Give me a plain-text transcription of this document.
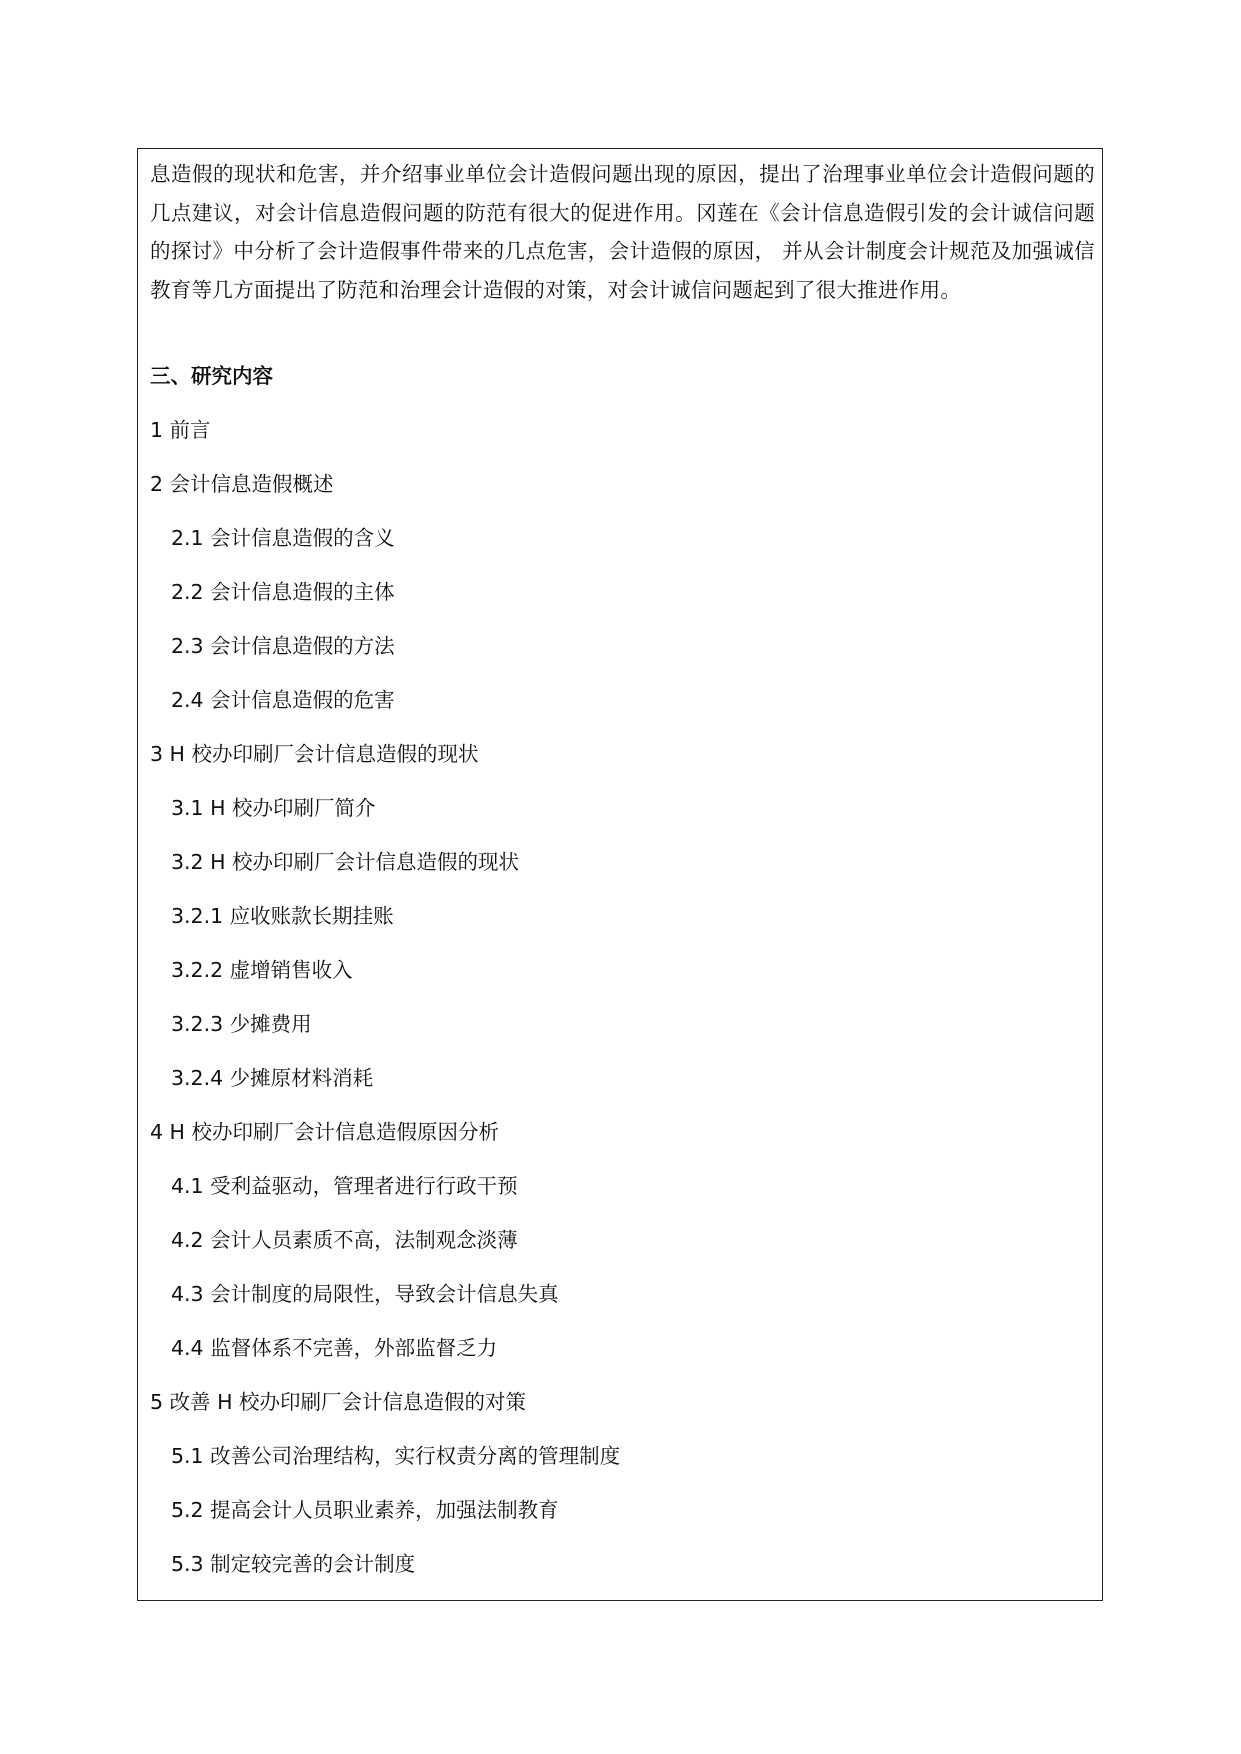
息造假的现状和危害，并介绍事业单位会计造假问题出现的原因，提出了治理事业单位会计造假问题的几点建议，对会计信息造假问题的防范有很大的促进作用。冈莲在《会计信息造假引发的会计诚信问题的探讨》中分析了会计造假事件带来的几点危害，会计造假的原因， 并从会计制度会计规范及加强诚信教育等几方面提出了防范和治理会计造假的对策，对会计诚信问题起到了很大推进作用。

三、研究内容
1 前言
2 会计信息造假概述
2.1 会计信息造假的含义
2.2 会计信息造假的主体
2.3 会计信息造假的方法
2.4 会计信息造假的危害
3 H 校办印刷厂会计信息造假的现状
3.1 H 校办印刷厂简介
3.2 H 校办印刷厂会计信息造假的现状
3.2.1 应收账款长期挂账
3.2.2 虚增销售收入
3.2.3 少摊费用
3.2.4 少摊原材料消耗
4 H 校办印刷厂会计信息造假原因分析
4.1 受利益驱动，管理者进行行政干预
4.2 会计人员素质不高，法制观念淡薄
4.3 会计制度的局限性，导致会计信息失真
4.4 监督体系不完善，外部监督乏力
5 改善 H 校办印刷厂会计信息造假的对策
5.1 改善公司治理结构，实行权责分离的管理制度
5.2 提高会计人员职业素养，加强法制教育
5.3 制定较完善的会计制度
